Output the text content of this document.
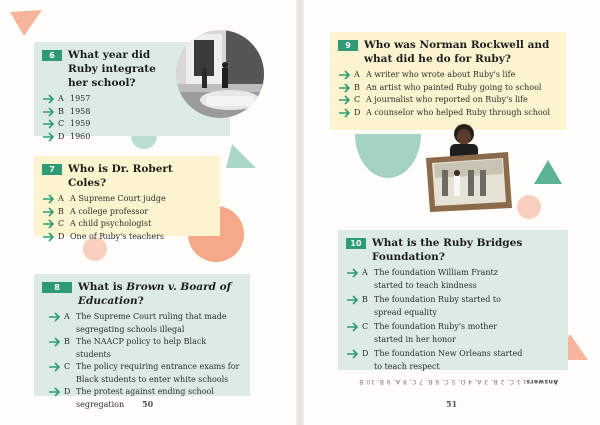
6	What year did Ruby integrate her school?
A 1957
B 1958
C 1959
D 1960
7	Who is Dr. Robert Coles?
A A Supreme Court judge
B A college professor
C A child psychologist
D One of Ruby's teachers
8	What is Brown v. Board of Education?
A The Supreme Court ruling that made segregating schools illegal
B The NAACP policy to help Black students
C The policy requiring entrance exams for Black students to enter white schools
D The protest against ending school segregation	50
9	Who was Norman Rockwell and what did he do for Ruby?
A A writer who wrote about Ruby's life
B An artist who painted Ruby going to school
C A journalist who reported on Ruby's life
D A counselor who helped Ruby through school
10 What is the Ruby Bridges Foundation?
A The foundation William Frantz started to teach kindness
B The foundation Ruby started to spread equality
C The foundation Ruby's mother started in her honor
D The foundation New Orleans started to teach respect
Answers: 1 C, 2 B, 3 A, 4 D, 5 C, 6 B, 7 C, 8 A, 9 B, 10 B
51
